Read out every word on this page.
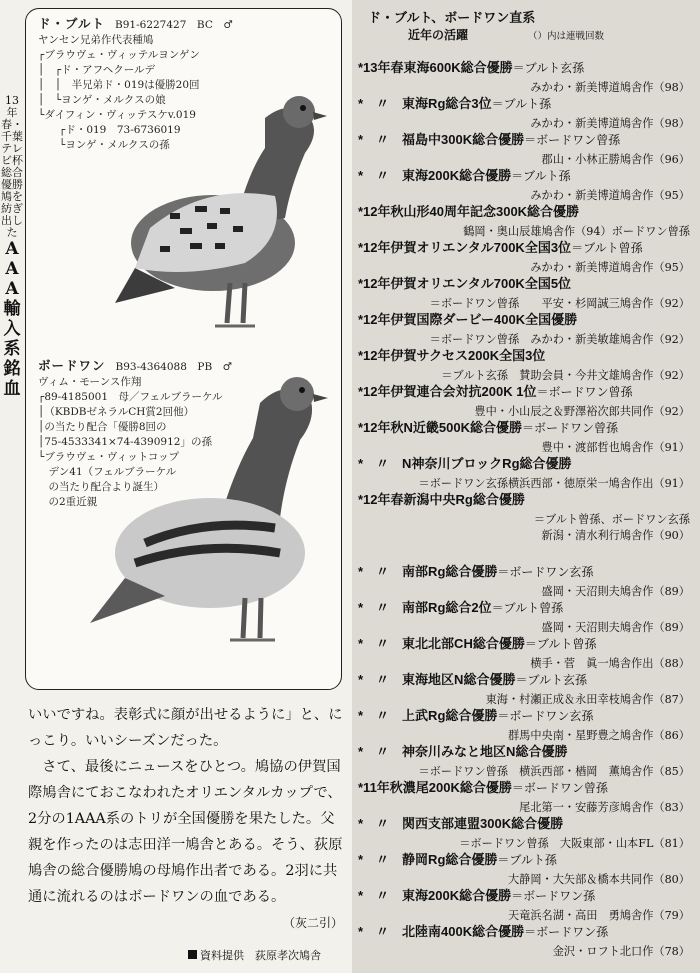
13年春・千葉テレビ杯総合優勝鳩を紡ぎ出した
AAA輸入系銘血
ド・ブルト B91-6227427　BC　♂
ヤンセン兄弟作代表種鳩
┌ブラウヴェ・ヴィッテルヨンゲン
│　┌ド・アフヘクールデ
│　│　半兄弟ド・019は優勝20回
│　└ヨンゲ・メルクスの娘
└ダイフィン・ヴィッテスケv.019
　　┌ド・019　73-6736019
　　└ヨンゲ・メルクスの孫
ボードワン B93-4364088　PB　♂
ヴィム・モーンス作翔
┌89-4185001　母／フェルブラーケル
│（KBDBゼネラルCH賞2回他）
│の当たり配合「優勝8回の
│75-4533341×74-4390912」の孫
└ブラウヴェ・ヴィットコップ
　デン41（フェルブラーケル
　の当たり配合より誕生）
　の2重近親

いいですね。表彰式に顔が出せるように」と、にっこり。いいシーズンだった。

さて、最後にニュースをひとつ。鳩協の伊賀国際鳩舎にておこなわれたオリエンタルカップで、2分の1AAA系のトリが全国優勝を果たした。父親を作ったのは志田洋一鳩舎とある。そう、荻原鳩舎の総合優勝鳩の母鳩作出者である。2羽に共通に流れるのはボードワンの血である。

（灰二引）
資料提供　荻原孝次鳩舎
ド・ブルト、ボードワン直系
近年の活躍	（）内は連戦回数
*13年春東海600K総合優勝＝ブルト玄孫
みかわ・新美博道鳩舎作（98）
*　〃　東海Rg総合3位＝ブルト孫
みかわ・新美博道鳩舎作（98）
*　〃　福島中300K総合優勝＝ボードワン曾孫
郡山・小林正勝鳩舎作（96）
*　〃　東海200K総合優勝＝ブルト孫
みかわ・新美博道鳩舎作（95）
*12年秋山形40周年記念300K総合優勝
鶴岡・奥山辰雄鳩舎作（94）ボードワン曾孫
*12年伊賀オリエンタル700K全国3位＝ブルト曾孫
みかわ・新美博道鳩舎作（95）
*12年伊賀オリエンタル700K全国5位
＝ボードワン曾孫　　平安・杉岡誠三鳩舎作（92）
*12年伊賀国際ダービー400K全国優勝
＝ボードワン曾孫　みかわ・新美敏雄鳩舎作（92）
*12年伊賀サクセス200K全国3位
＝ブルト玄孫　賛助会員・今井文雄鳩舎作（92）
*12年伊賀連合会対抗200K 1位＝ボードワン曾孫
豊中・小山辰之＆野澤裕次郎共同作（92）
*12年秋N近畿500K総合優勝＝ボードワン曾孫
豊中・渡部哲也鳩舎作（91）
*　〃　N神奈川ブロックRg総合優勝
＝ボードワン玄孫横浜西部・徳原栄一鳩舎作出（91）
*12年春新潟中央Rg総合優勝
＝ブルト曾孫、ボードワン玄孫
新潟・清水利行鳩舎作（90）
*　〃　南部Rg総合優勝＝ボードワン玄孫
盛岡・天沼則夫鳩舎作（89）
*　〃　南部Rg総合2位＝ブルト曾孫
盛岡・天沼則夫鳩舎作（89）
*　〃　東北北部CH総合優勝＝ブルト曾孫
横手・菅　眞一鳩舎作出（88）
*　〃　東海地区N総合優勝＝ブルト玄孫
東海・村瀬正成＆永田幸枝鳩舎作（87）
*　〃　上武Rg総合優勝＝ボードワン玄孫
群馬中央南・星野豊之鳩舎作（86）
*　〃　神奈川みなと地区N総合優勝
＝ボードワン曾孫　横浜西部・楢岡　薫鳩舎作（85）
*11年秋濃尾200K総合優勝＝ボードワン曾孫
尾北第一・安藤芳彦鳩舎作（83）
*　〃　関西支部連盟300K総合優勝
＝ボードワン曾孫　大阪東部・山本FL（81）
*　〃　静岡Rg総合優勝＝ブルト孫
大静岡・大矢部＆橋本共同作（80）
*　〃　東海200K総合優勝＝ボードワン孫
天竜浜名湖・高田　勇鳩舎作（79）
*　〃　北陸南400K総合優勝＝ボードワン孫
金沢・ロフト北口作（78）
